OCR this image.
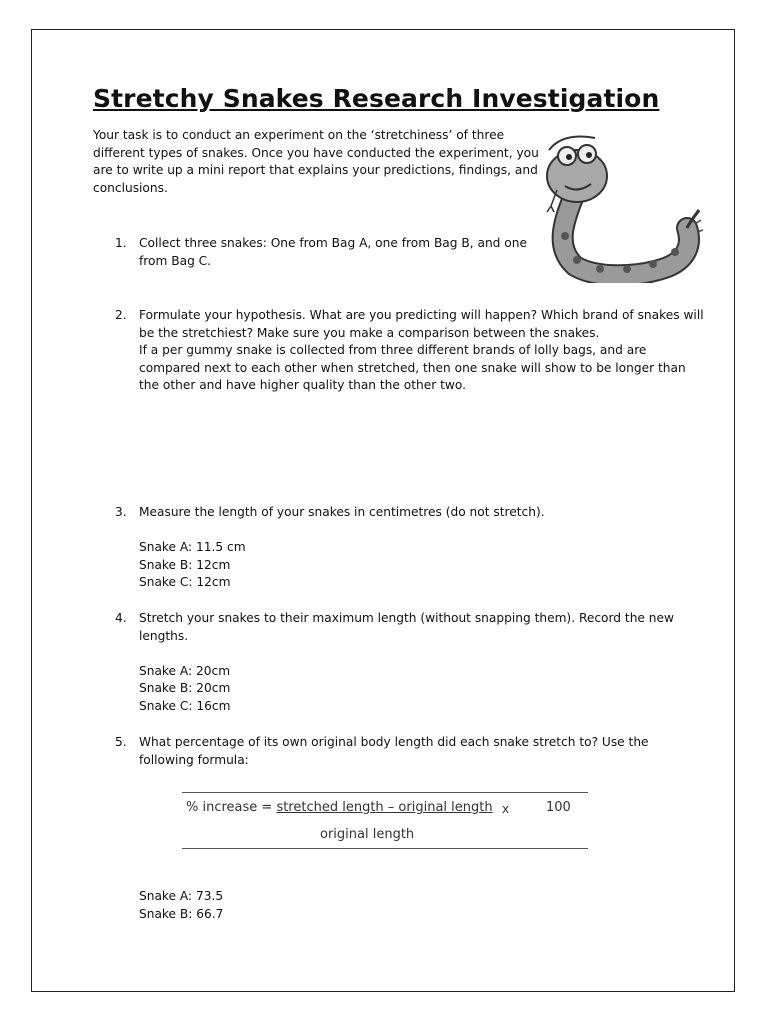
Stretchy Snakes Research Investigation
Your task is to conduct an experiment on the ‘stretchiness’ of three
different types of snakes. Once you have conducted the experiment, you
are to write up a mini report that explains your predictions, findings, and
conclusions.
1.	Collect three snakes: One from Bag A, one from Bag B, and one
from Bag C.
2.	Formulate your hypothesis. What are you predicting will happen? Which brand of snakes will
be the stretchiest? Make sure you make a comparison between the snakes.
If a per gummy snake is collected from three different brands of lolly bags, and are
compared next to each other when stretched, then one snake will show to be longer than
the other and have higher quality than the other two.
3.	Measure the length of your snakes in centimetres (do not stretch).
Snake A: 11.5 cm
Snake B: 12cm
Snake C: 12cm
4.	Stretch your snakes to their maximum length (without snapping them). Record the new
lengths.
Snake A: 20cm
Snake B: 20cm
Snake C: 16cm
5.	What percentage of its own original body length did each snake stretch to? Use the
following formula:
% increase = stretched length – original length x	100
original length
Snake A: 73.5
Snake B: 66.7
